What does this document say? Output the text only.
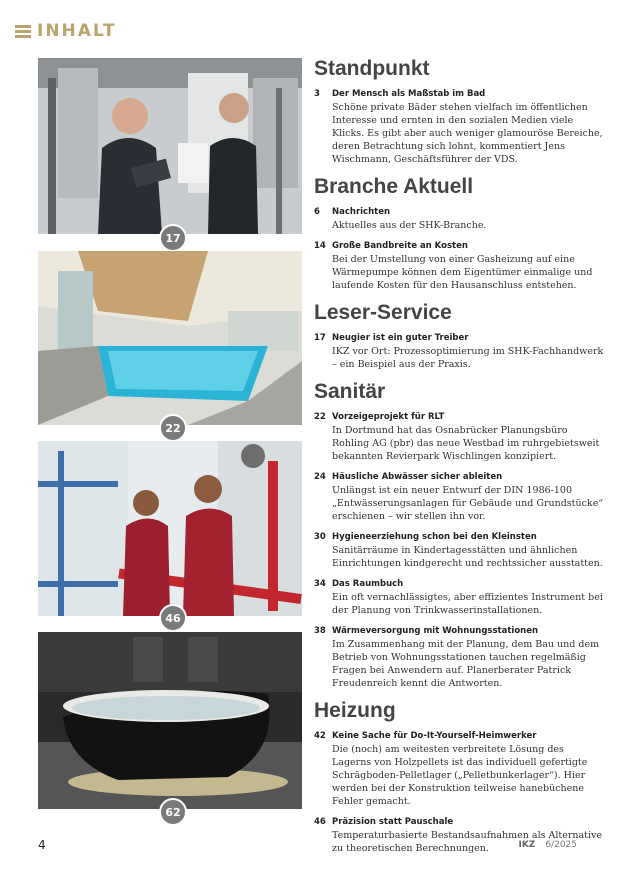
INHALT
17
22
46
62
Standpunkt
3	Der Mensch als Maßstab im Bad
Schöne private Bäder stehen vielfach im öffentlichen Interesse und ernten in den sozialen Medien viele Klicks. Es gibt aber auch weniger glamouröse Bereiche, deren Betrachtung sich lohnt, kommentiert Jens Wischmann, Geschäftsführer der VDS.
Branche Aktuell
6	Nachrichten
Aktuelles aus der SHK-Branche.
14 Große Bandbreite an Kosten
Bei der Umstellung von einer Gasheizung auf eine Wärmepumpe können dem Eigentümer einmalige und laufende Kosten für den Hausanschluss entstehen.
Leser-Service
17 Neugier ist ein guter Treiber
IKZ vor Ort: Prozessoptimierung im SHK-Fachhandwerk – ein Beispiel aus der Praxis.
Sanitär
22 Vorzeigeprojekt für RLT
In Dortmund hat das Osnabrücker Planungsbüro Rohling AG (pbr) das neue Westbad im ruhrgebietsweit bekannten Revierpark Wischlingen konzipiert.
24 Häusliche Abwässer sicher ableiten
Unlängst ist ein neuer Entwurf der DIN 1986-100 „Entwässerungsanlagen für Gebäude und Grundstücke“ erschienen – wir stellen ihn vor.
30 Hygieneerziehung schon bei den Kleinsten
Sanitärräume in Kindertagesstätten und ähnlichen Einrichtungen kindgerecht und rechtssicher ausstatten.
34 Das Raumbuch
Ein oft vernachlässigtes, aber effizientes Instrument bei der Planung von Trinkwasserinstallationen.
38 Wärmeversorgung mit Wohnungsstationen
Im Zusammenhang mit der Planung, dem Bau und dem Betrieb von Wohnungsstationen tauchen regelmäßig Fragen bei Anwendern auf. Planerberater Patrick Freudenreich kennt die Antworten.
Heizung
42 Keine Sache für Do-It-Yourself-Heimwerker
Die (noch) am weitesten verbreitete Lösung des Lagerns von Holzpellets ist das individuell gefertigte Schrägboden-Pelletlager („Pelletbunkerlager“). Hier werden bei der Konstruktion teilweise hanebüchene Fehler gemacht.
46 Präzision statt Pauschale
Temperaturbasierte Bestandsaufnahmen als Alternative zu theoretischen Berechnungen.
4	IKZ 6/2025
